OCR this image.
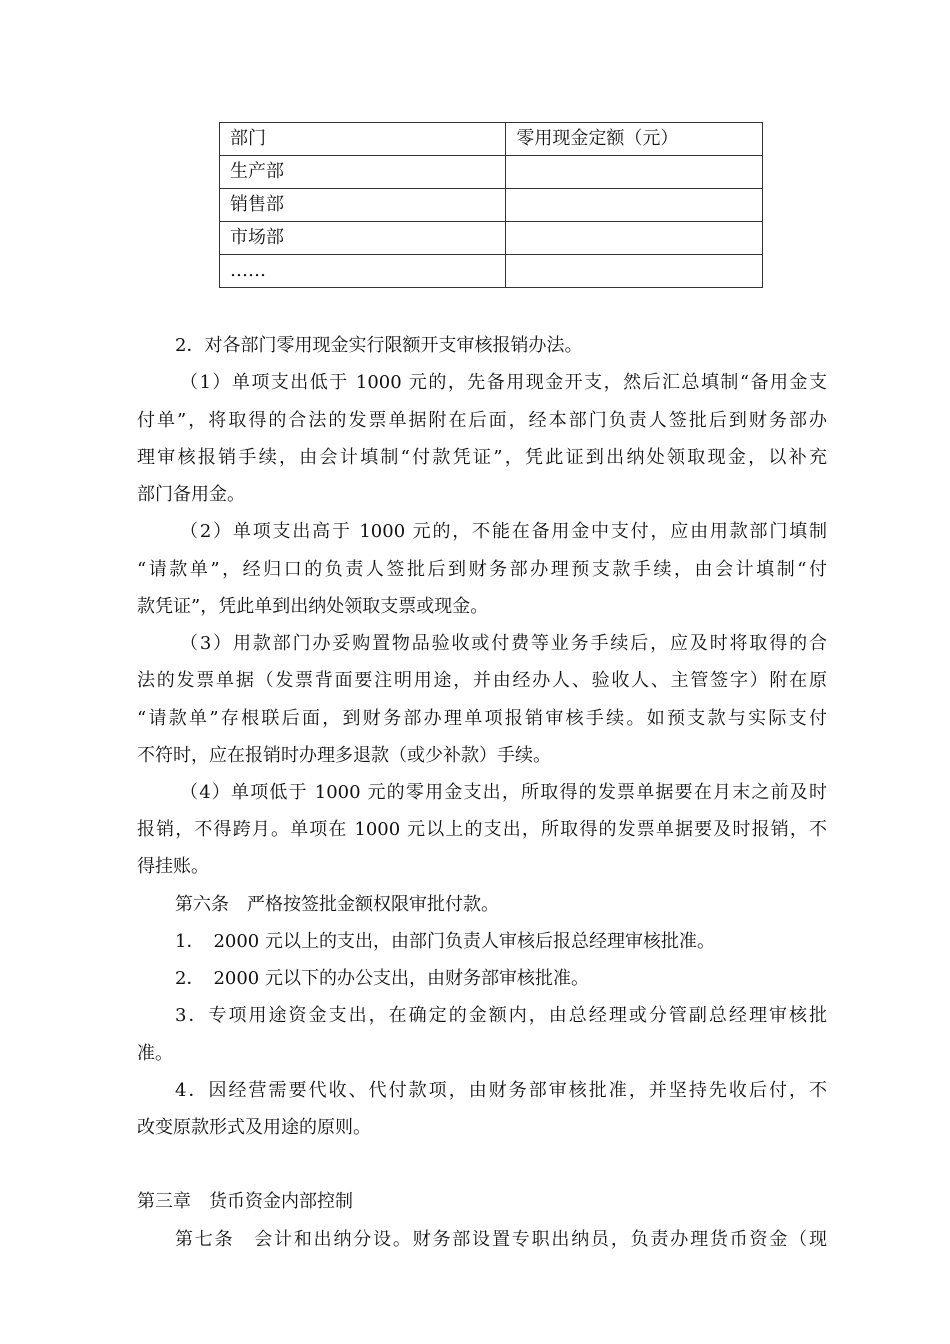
部门	零用现金定额（元）
生产部	
销售部	
市场部	
……	
2．对各部门零用现金实行限额开支审核报销办法。
（1）单项支出低于 1000 元的，先备用现金开支，然后汇总填制“备用金支
付单”，将取得的合法的发票单据附在后面，经本部门负责人签批后到财务部办
理审核报销手续，由会计填制“付款凭证”，凭此证到出纳处领取现金，以补充
部门备用金。
（2）单项支出高于 1000 元的，不能在备用金中支付，应由用款部门填制
“请款单”，经归口的负责人签批后到财务部办理预支款手续，由会计填制“付
款凭证”，凭此单到出纳处领取支票或现金。
（3）用款部门办妥购置物品验收或付费等业务手续后，应及时将取得的合
法的发票单据（发票背面要注明用途，并由经办人、验收人、主管签字）附在原
“请款单”存根联后面，到财务部办理单项报销审核手续。如预支款与实际支付
不符时，应在报销时办理多退款（或少补款）手续。
（4）单项低于 1000 元的零用金支出，所取得的发票单据要在月末之前及时
报销，不得跨月。单项在 1000 元以上的支出，所取得的发票单据要及时报销，不
得挂账。
第六条　严格按签批金额权限审批付款。
1．　2000 元以上的支出，由部门负责人审核后报总经理审核批准。
2．　2000 元以下的办公支出，由财务部审核批准。
3．专项用途资金支出，在确定的金额内，由总经理或分管副总经理审核批
准。
4．因经营需要代收、代付款项，由财务部审核批准，并坚持先收后付，不
改变原款形式及用途的原则。
第三章　货币资金内部控制
第七条　会计和出纳分设。财务部设置专职出纳员，负责办理货币资金（现
